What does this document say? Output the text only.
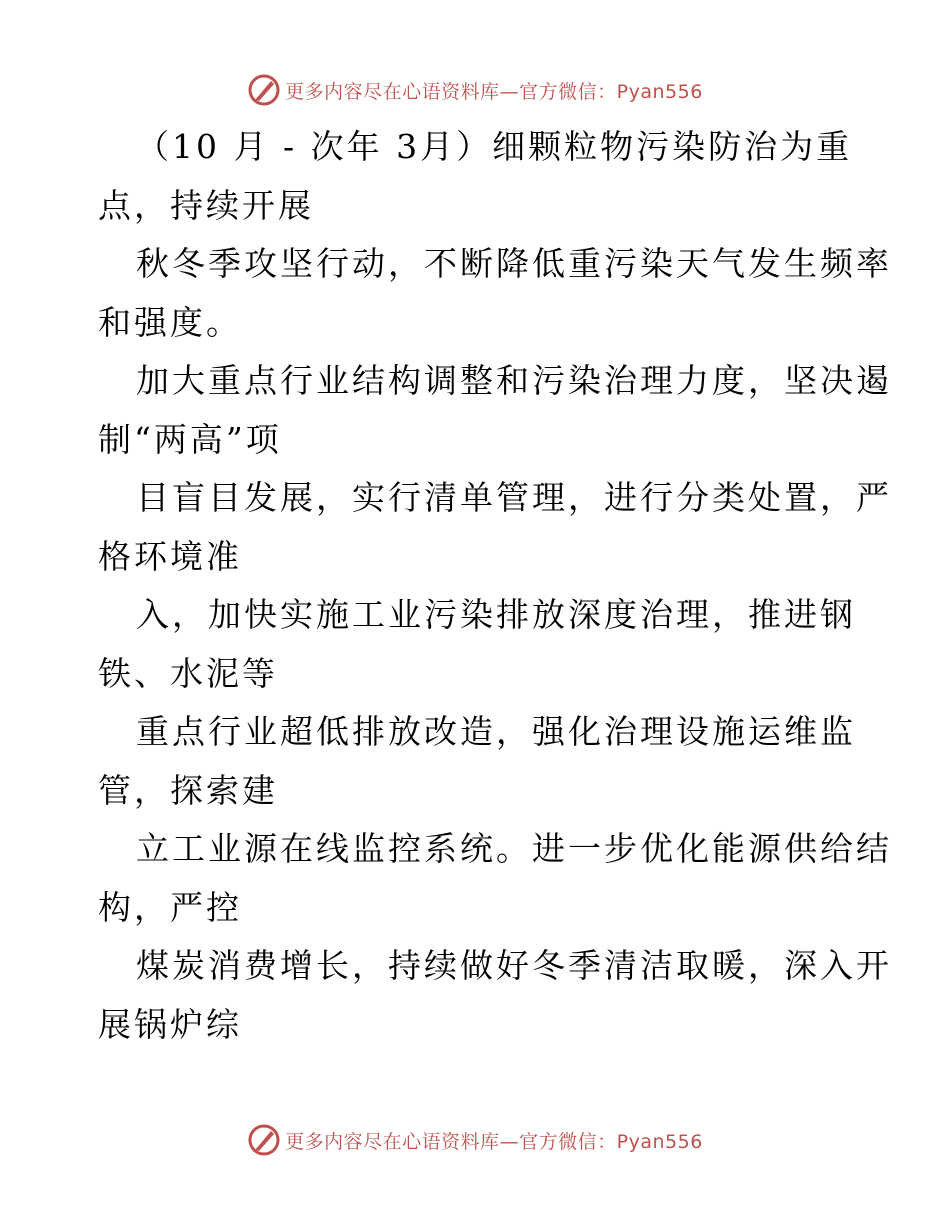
更多内容尽在心语资料库—官方微信：Pyan556
（10 月 - 次年 3月）细颗粒物污染防治为重
点，持续开展
秋冬季攻坚行动，不断降低重污染天气发生频率
和强度。
加大重点行业结构调整和污染治理力度，坚决遏
制“两高”项
目盲目发展，实行清单管理，进行分类处置，严
格环境准
入，加快实施工业污染排放深度治理，推进钢
铁、水泥等
重点行业超低排放改造，强化治理设施运维监
管，探索建
立工业源在线监控系统。进一步优化能源供给结
构，严控
煤炭消费增长，持续做好冬季清洁取暖，深入开
展锅炉综
更多内容尽在心语资料库—官方微信：Pyan556
